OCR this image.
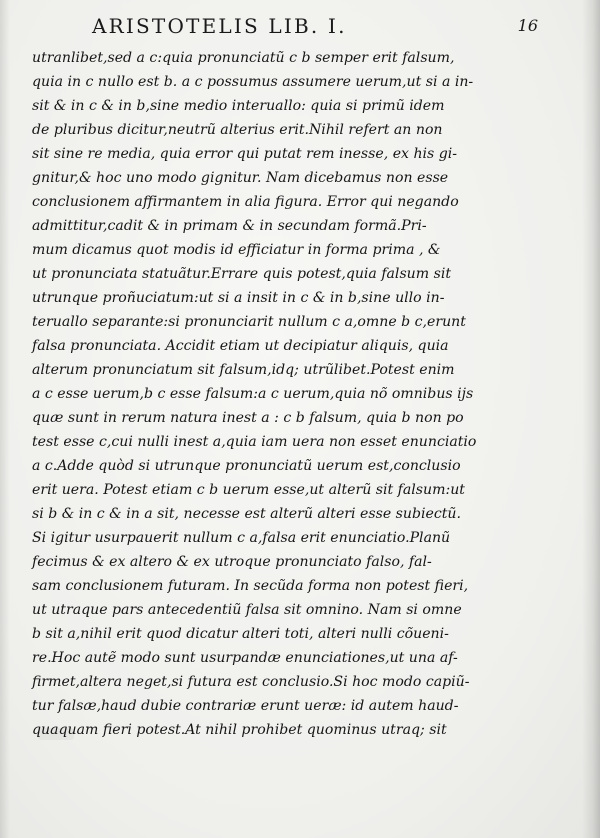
ARISTOTELIS LIB. I.	16
utranlibet,sed a c:quia pronunciatũ c b semper erit falsum,
quia in c nullo est b. a c possumus assumere uerum,ut si a in-
sit & in c & in b,sine medio interuallo: quia si primũ idem
de pluribus dicitur,neutrũ alterius erit.Nihil refert an non
sit sine re media, quia error qui putat rem inesse, ex his gi-
gnitur,& hoc uno modo gignitur. Nam dicebamus non esse
conclusionem affirmantem in alia figura. Error qui negando
admittitur,cadit & in primam & in secundam formã.Pri-
mum dicamus quot modis id efficiatur in forma prima , &
ut pronunciata statuãtur.Errare quis potest,quia falsum sit
utrunque proñuciatum:ut si a insit in c & in b,sine ullo in-
teruallo separante:si pronunciarit nullum c a,omne b c,erunt
falsa pronunciata. Accidit etiam ut decipiatur aliquis, quia
alterum pronunciatum sit falsum,idq; utrũlibet.Potest enim
a c esse uerum,b c esse falsum:a c uerum,quia nõ omnibus ijs
quæ sunt in rerum natura inest a : c b falsum, quia b non po
test esse c,cui nulli inest a,quia iam uera non esset enunciatio
a c.Adde quòd si utrunque pronunciatũ uerum est,conclusio
erit uera. Potest etiam c b uerum esse,ut alterũ sit falsum:ut
si b & in c & in a sit, necesse est alterũ alteri esse subiectũ.
Si igitur usurpauerit nullum c a,falsa erit enunciatio.Planũ
fecimus & ex altero & ex utroque pronunciato falso, fal-
sam conclusionem futuram. In secũda forma non potest fieri,
ut utraque pars antecedentiũ falsa sit omnino. Nam si omne
b sit a,nihil erit quod dicatur alteri toti, alteri nulli cõueni-
re.Hoc autẽ modo sunt usurpandæ enunciationes,ut una af-
firmet,altera neget,si futura est conclusio.Si hoc modo capiũ-
tur falsæ,haud dubie contrariæ erunt ueræ: id autem haud-
quaquam fieri potest.At nihil prohibet quominus utraq; sit
